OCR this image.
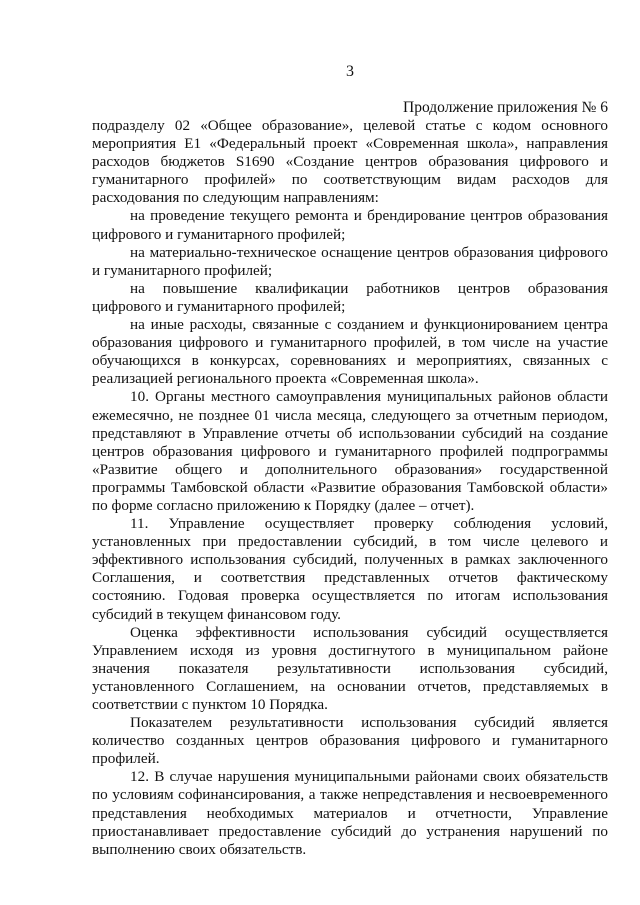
3

Продолжение приложения № 6

подразделу 02 «Общее образование», целевой статье с кодом основного мероприятия Е1 «Федеральный проект «Современная школа», направления расходов бюджетов S1690 «Создание центров образования цифрового и гуманитарного профилей» по соответствующим видам расходов для расходования по следующим направлениям:

на проведение текущего ремонта и брендирование центров образования цифрового и гуманитарного профилей;

на материально-техническое оснащение центров образования цифрового и гуманитарного профилей;

на повышение квалификации работников центров образования цифрового и гуманитарного профилей;

на иные расходы, связанные с созданием и функционированием центра образования цифрового и гуманитарного профилей, в том числе на участие обучающихся в конкурсах, соревнованиях и мероприятиях, связанных с реализацией регионального проекта «Современная школа».

10. Органы местного самоуправления муниципальных районов области ежемесячно, не позднее 01 числа месяца, следующего за отчетным периодом, представляют в Управление отчеты об использовании субсидий на создание центров образования цифрового и гуманитарного профилей подпрограммы «Развитие общего и дополнительного образования» государственной программы Тамбовской области «Развитие образования Тамбовской области» по форме согласно приложению к Порядку (далее – отчет).

11. Управление осуществляет проверку соблюдения условий, установленных при предоставлении субсидий, в том числе целевого и эффективного использования субсидий, полученных в рамках заключенного Соглашения, и соответствия представленных отчетов фактическому состоянию. Годовая проверка осуществляется по итогам использования субсидий в текущем финансовом году.

Оценка эффективности использования субсидий осуществляется Управлением исходя из уровня достигнутого в муниципальном районе значения показателя результативности использования субсидий, установленного Соглашением, на основании отчетов, представляемых в соответствии с пунктом 10 Порядка.

Показателем результативности использования субсидий является количество созданных центров образования цифрового и гуманитарного профилей.

12. В случае нарушения муниципальными районами своих обязательств по условиям софинансирования, а также непредставления и несвоевременного представления необходимых материалов и отчетности, Управление приостанавливает предоставление субсидий до устранения нарушений по выполнению своих обязательств.
